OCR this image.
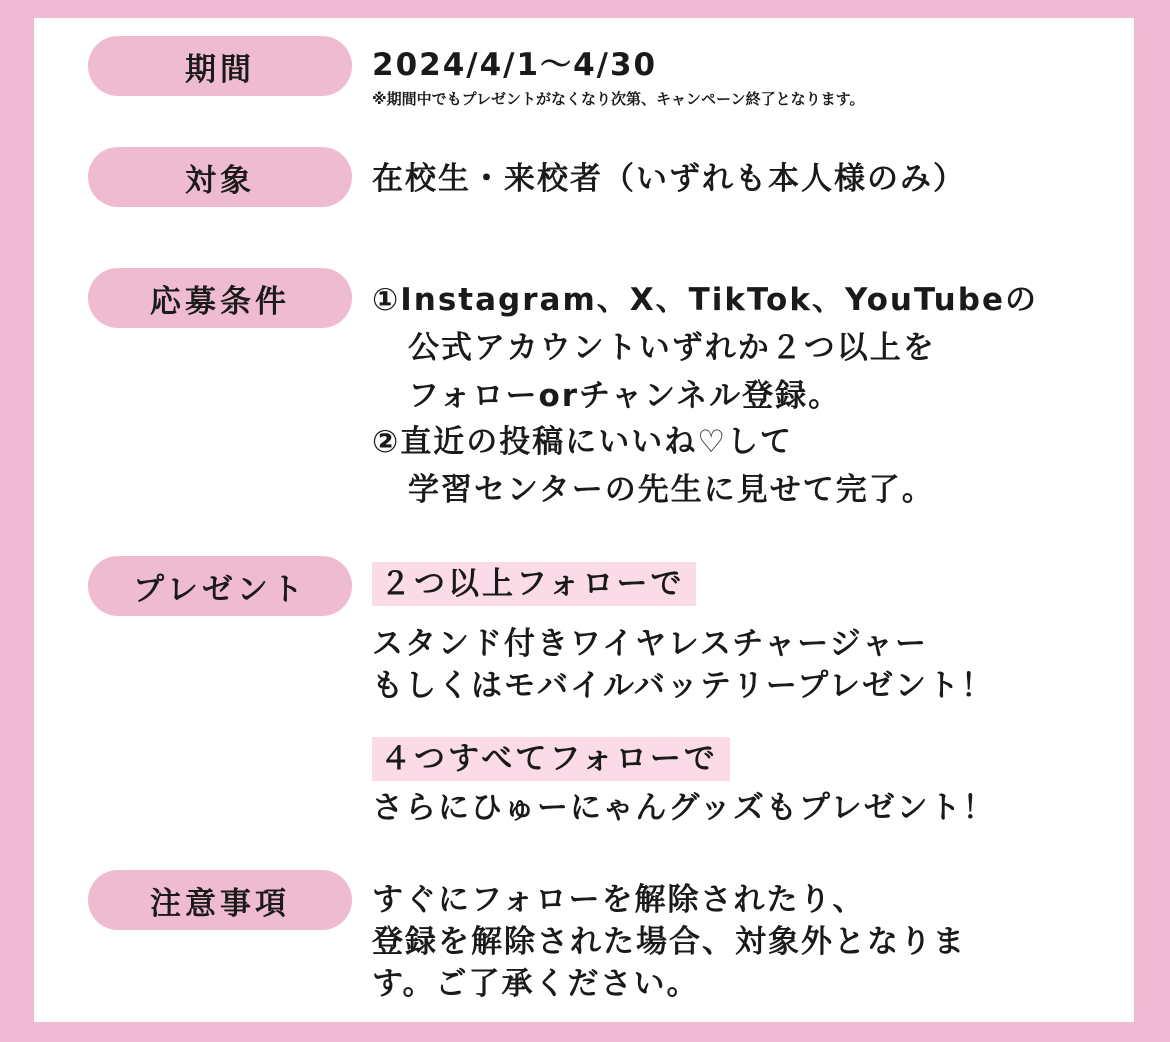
期間	2024/4/1〜4/30
※期間中でもプレゼントがなくなり次第、キャンペーン終了となります。
対象	在校生・来校者（いずれも本人様のみ）
応募条件	①Instagram、X、TikTok、YouTubeの
公式アカウントいずれか２つ以上を
フォローorチャンネル登録。
②直近の投稿にいいね♡して
学習センターの先生に見せて完了。
プレゼント	２つ以上フォローで
スタンド付きワイヤレスチャージャー
もしくはモバイルバッテリープレゼント！
４つすべてフォローで
さらにひゅーにゃんグッズもプレゼント！
注意事項	すぐにフォローを解除されたり、
登録を解除された場合、対象外となりま
す。ご了承ください。
